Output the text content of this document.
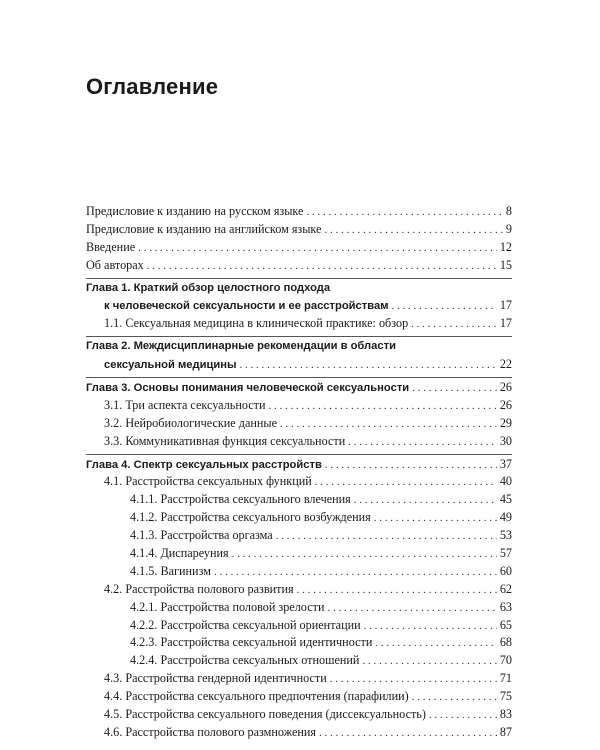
Оглавление
Предисловие к изданию на русском языке . . .	8
Предисловие к изданию на английском языке . . .	9
Введение . . .	12
Об авторах . . .	15
Глава 1. Краткий обзор целостного подхода
к человеческой сексуальности и ее расстройствам . . .	17
1.1. Сексуальная медицина в клинической практике: обзор . . .	17
Глава 2. Междисциплинарные рекомендации в области
сексуальной медицины . . .	22
Глава 3. Основы понимания человеческой сексуальности . . .	26
3.1. Три аспекта сексуальности . . .	26
3.2. Нейробиологические данные . . .	29
3.3. Коммуникативная функция сексуальности . . .	30
Глава 4. Спектр сексуальных расстройств . . .	37
4.1. Расстройства сексуальных функций . . .	40
4.1.1. Расстройства сексуального влечения . . .	45
4.1.2. Расстройства сексуального возбуждения . . .	49
4.1.3. Расстройства оргазма . . .	53
4.1.4. Диспареуния . . .	57
4.1.5. Вагинизм . . .	60
4.2. Расстройства полового развития . . .	62
4.2.1. Расстройства половой зрелости . . .	63
4.2.2. Расстройства сексуальной ориентации . . .	65
4.2.3. Расстройства сексуальной идентичности . . .	68
4.2.4. Расстройства сексуальных отношений . . .	70
4.3. Расстройства гендерной идентичности . . .	71
4.4. Расстройства сексуального предпочтения (парафилии) . . .	75
4.5. Расстройства сексуального поведения (диссексуальность) . . .	83
4.6. Расстройства полового размножения . . .	87
